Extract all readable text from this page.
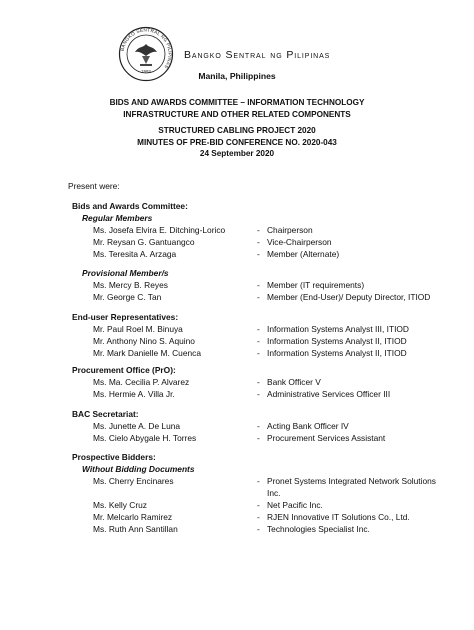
BANGKO SENTRAL NG PILIPINAS
1993
Bangko Sentral ng Pilipinas
Manila, Philippines
BIDS AND AWARDS COMMITTEE – INFORMATION TECHNOLOGY
INFRASTRUCTURE AND OTHER RELATED COMPONENTS
STRUCTURED CABLING PROJECT 2020
MINUTES OF PRE-BID CONFERENCE NO. 2020-043
24 September 2020
Present were:
Bids and Awards Committee:
Regular Members
Ms. Josefa Elvira E. Ditching-Lorico	- Chairperson
Mr. Reysan G. Gantuangco	- Vice-Chairperson
Ms. Teresita A. Arzaga	- Member (Alternate)
Provisional Member/s
Ms. Mercy B. Reyes	- Member (IT requirements)
Mr. George C. Tan	- Member (End-User)/ Deputy Director, ITIOD
End-user Representatives:
Mr. Paul Roel M. Binuya	- Information Systems Analyst III, ITIOD
Mr. Anthony Nino S. Aquino	- Information Systems Analyst II, ITIOD
Mr. Mark Danielle M. Cuenca	- Information Systems Analyst II, ITIOD
Procurement Office (PrO):
Ms. Ma. Cecilia P. Alvarez	- Bank Officer V
Ms. Hermie A. Villa Jr.	- Administrative Services Officer III
BAC Secretariat:
Ms. Junette A. De Luna	- Acting Bank Officer IV
Ms. Cielo Abygale H. Torres	- Procurement Services Assistant
Prospective Bidders:
Without Bidding Documents
Ms. Cherry Encinares	- Pronet Systems Integrated Network Solutions
Inc.
Ms. Kelly Cruz	- Net Pacific Inc.
Mr. Melcarlo Ramirez	- RJEN Innovative IT Solutions Co., Ltd.
Ms. Ruth Ann Santillan	- Technologies Specialist Inc.
